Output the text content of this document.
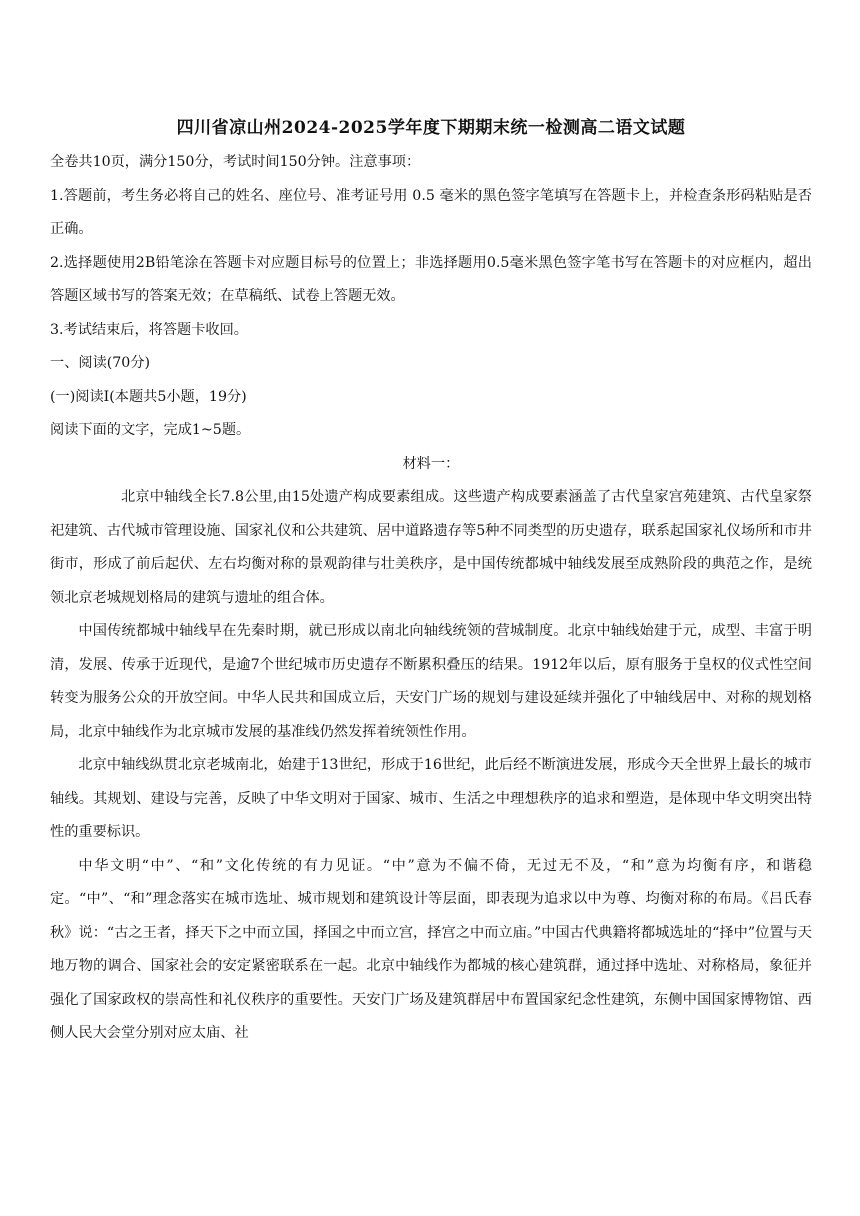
四川省凉山州2024-2025学年度下期期末统一检测高二语文试题

全卷共10页，满分150分，考试时间150分钟。注意事项：

1.答题前，考生务必将自己的姓名、座位号、准考证号用 0.5 毫米的黑色签字笔填写在答题卡上，并检查条形码粘贴是否正确。

2.选择题使用2B铅笔涂在答题卡对应题目标号的位置上；非选择题用0.5毫米黑色签字笔书写在答题卡的对应框内，超出答题区域书写的答案无效；在草稿纸、试卷上答题无效。

3.考试结束后，将答题卡收回。

一、阅读(70分)

(一)阅读Ⅰ(本题共5小题，19分)

阅读下面的文字，完成1~5题。

材料一：

北京中轴线全长7.8公里,由15处遗产构成要素组成。这些遗产构成要素涵盖了古代皇家宫苑建筑、古代皇家祭祀建筑、古代城市管理设施、国家礼仪和公共建筑、居中道路遗存等5种不同类型的历史遗存，联系起国家礼仪场所和市井街市，形成了前后起伏、左右均衡对称的景观韵律与壮美秩序，是中国传统都城中轴线发展至成熟阶段的典范之作，是统领北京老城规划格局的建筑与遗址的组合体。

中国传统都城中轴线早在先秦时期，就已形成以南北向轴线统领的营城制度。北京中轴线始建于元，成型、丰富于明清，发展、传承于近现代，是逾7个世纪城市历史遗存不断累积叠压的结果。1912年以后，原有服务于皇权的仪式性空间转变为服务公众的开放空间。中华人民共和国成立后，天安门广场的规划与建设延续并强化了中轴线居中、对称的规划格局，北京中轴线作为北京城市发展的基准线仍然发挥着统领性作用。

北京中轴线纵贯北京老城南北，始建于13世纪，形成于16世纪，此后经不断演进发展，形成今天全世界上最长的城市轴线。其规划、建设与完善，反映了中华文明对于国家、城市、生活之中理想秩序的追求和塑造，是体现中华文明突出特性的重要标识。

中华文明“中”、“和”文化传统的有力见证。“中”意为不偏不倚，无过无不及，“和”意为均衡有序，和谐稳定。“中”、“和”理念落实在城市选址、城市规划和建筑设计等层面，即表现为追求以中为尊、均衡对称的布局。《吕氏春秋》说：“古之王者，择天下之中而立国，择国之中而立宫，择宫之中而立庙。”中国古代典籍将都城选址的“择中”位置与天地万物的调合、国家社会的安定紧密联系在一起。北京中轴线作为都城的核心建筑群，通过择中选址、对称格局，象征并强化了国家政权的崇高性和礼仪秩序的重要性。天安门广场及建筑群居中布置国家纪念性建筑，东侧中国国家博物馆、西侧人民大会堂分别对应太庙、社
